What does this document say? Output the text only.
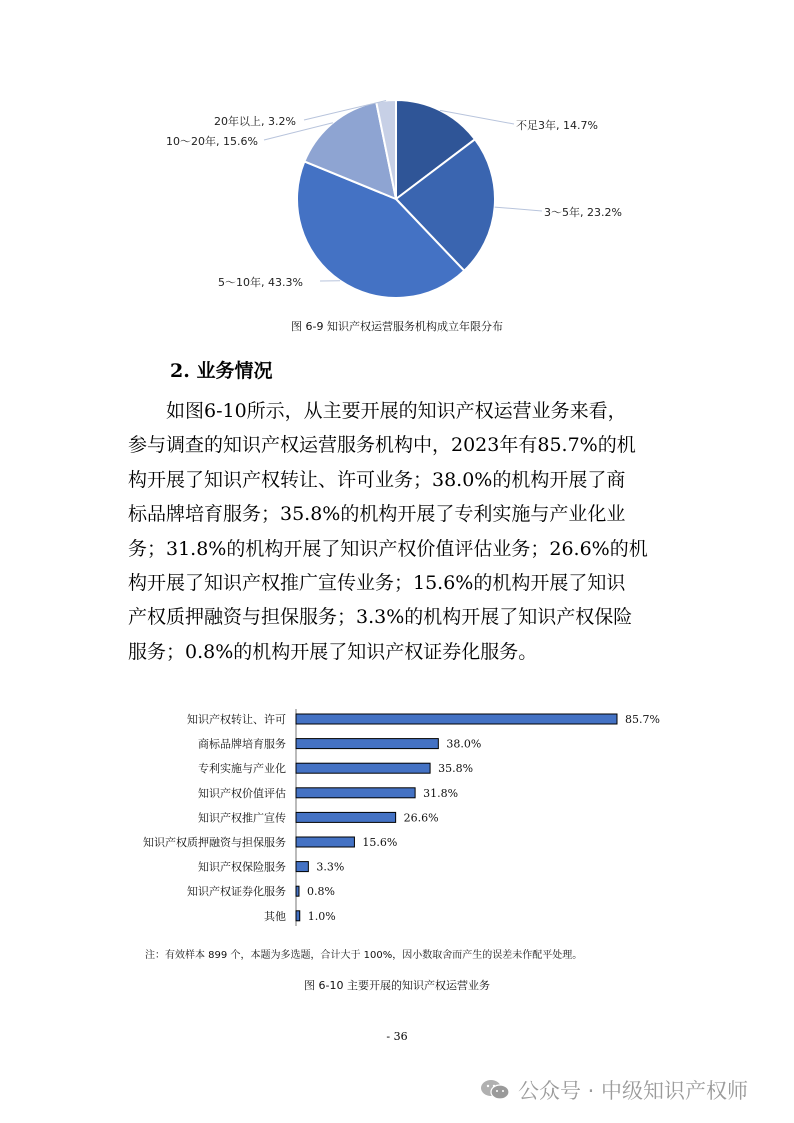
不足3年, 14.7%
3～5年, 23.2%
5～10年, 43.3%
10～20年, 15.6%
20年以上, 3.2%
图 6-9 知识产权运营服务机构成立年限分布
2. 业务情况
如图6-10所示，从主要开展的知识产权运营业务来看，
参与调查的知识产权运营服务机构中，2023年有85.7%的机
构开展了知识产权转让、许可业务；38.0%的机构开展了商
标品牌培育服务；35.8%的机构开展了专利实施与产业化业
务；31.8%的机构开展了知识产权价值评估业务；26.6%的机
构开展了知识产权推广宣传业务；15.6%的机构开展了知识
产权质押融资与担保服务；3.3%的机构开展了知识产权保险
服务；0.8%的机构开展了知识产权证券化服务。
知识产权转让、许可	85.7%
商标品牌培育服务	38.0%
专利实施与产业化	35.8%
知识产权价值评估	31.8%
知识产权推广宣传	26.6%
知识产权质押融资与担保服务	15.6%
知识产权保险服务	3.3%
知识产权证券化服务 0.8%
其他 1.0%
注：有效样本 899 个，本题为多选题，合计大于 100%，因小数取舍而产生的误差未作配平处理。
图 6-10 主要开展的知识产权运营业务
- 36
公众号 · 中级知识产权师
